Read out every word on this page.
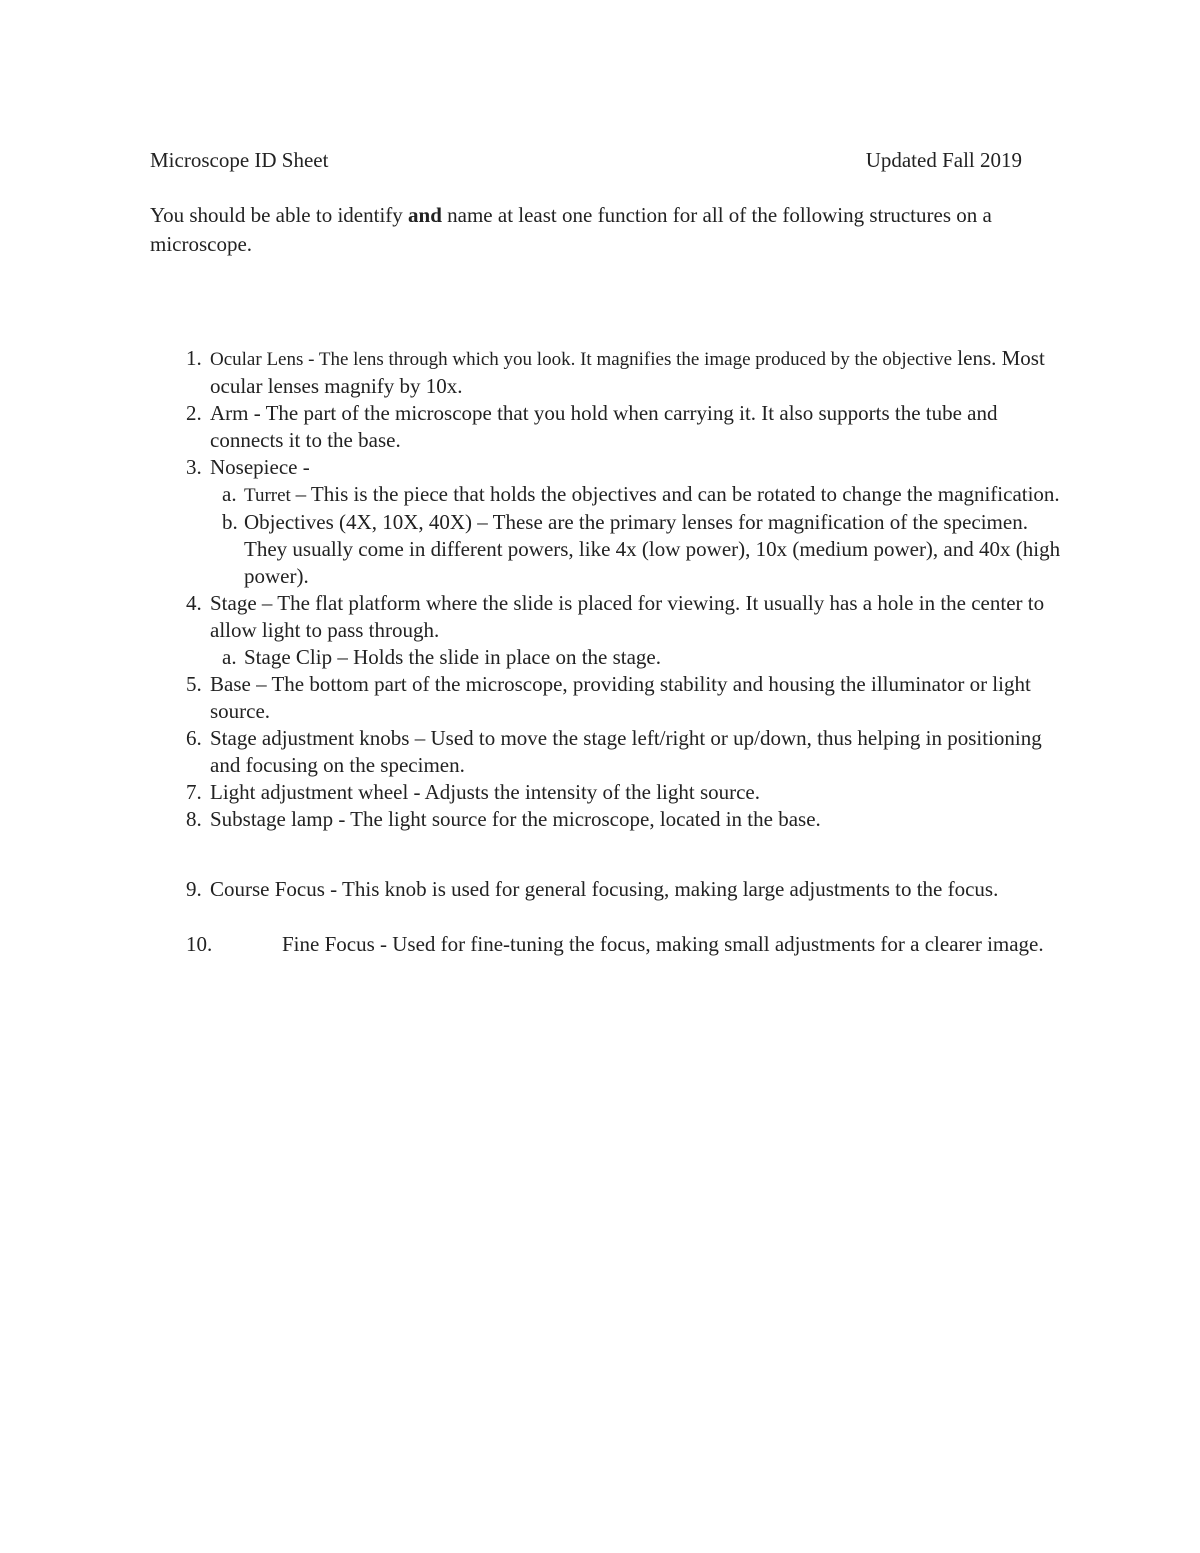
Microscope ID Sheet	Updated Fall 2019
You should be able to identify and name at least one function for all of the following structures on a microscope.
1. Ocular Lens - The lens through which you look. It magnifies the image produced by the objective lens. Most ocular lenses magnify by 10x.
2. Arm - The part of the microscope that you hold when carrying it. It also supports the tube and connects it to the base.
3. Nosepiece -
a. Turret – This is the piece that holds the objectives and can be rotated to change the magnification.
b. Objectives (4X, 10X, 40X) – These are the primary lenses for magnification of the specimen. They usually come in different powers, like 4x (low power), 10x (medium power), and 40x (high power).
4. Stage – The flat platform where the slide is placed for viewing. It usually has a hole in the center to allow light to pass through.
a. Stage Clip – Holds the slide in place on the stage.
5. Base – The bottom part of the microscope, providing stability and housing the illuminator or light source.
6. Stage adjustment knobs – Used to move the stage left/right or up/down, thus helping in positioning and focusing on the specimen.
7. Light adjustment wheel - Adjusts the intensity of the light source.
8. Substage lamp - The light source for the microscope, located in the base.
9. Course Focus - This knob is used for general focusing, making large adjustments to the focus.
10.	Fine Focus - Used for fine-tuning the focus, making small adjustments for a clearer image.
